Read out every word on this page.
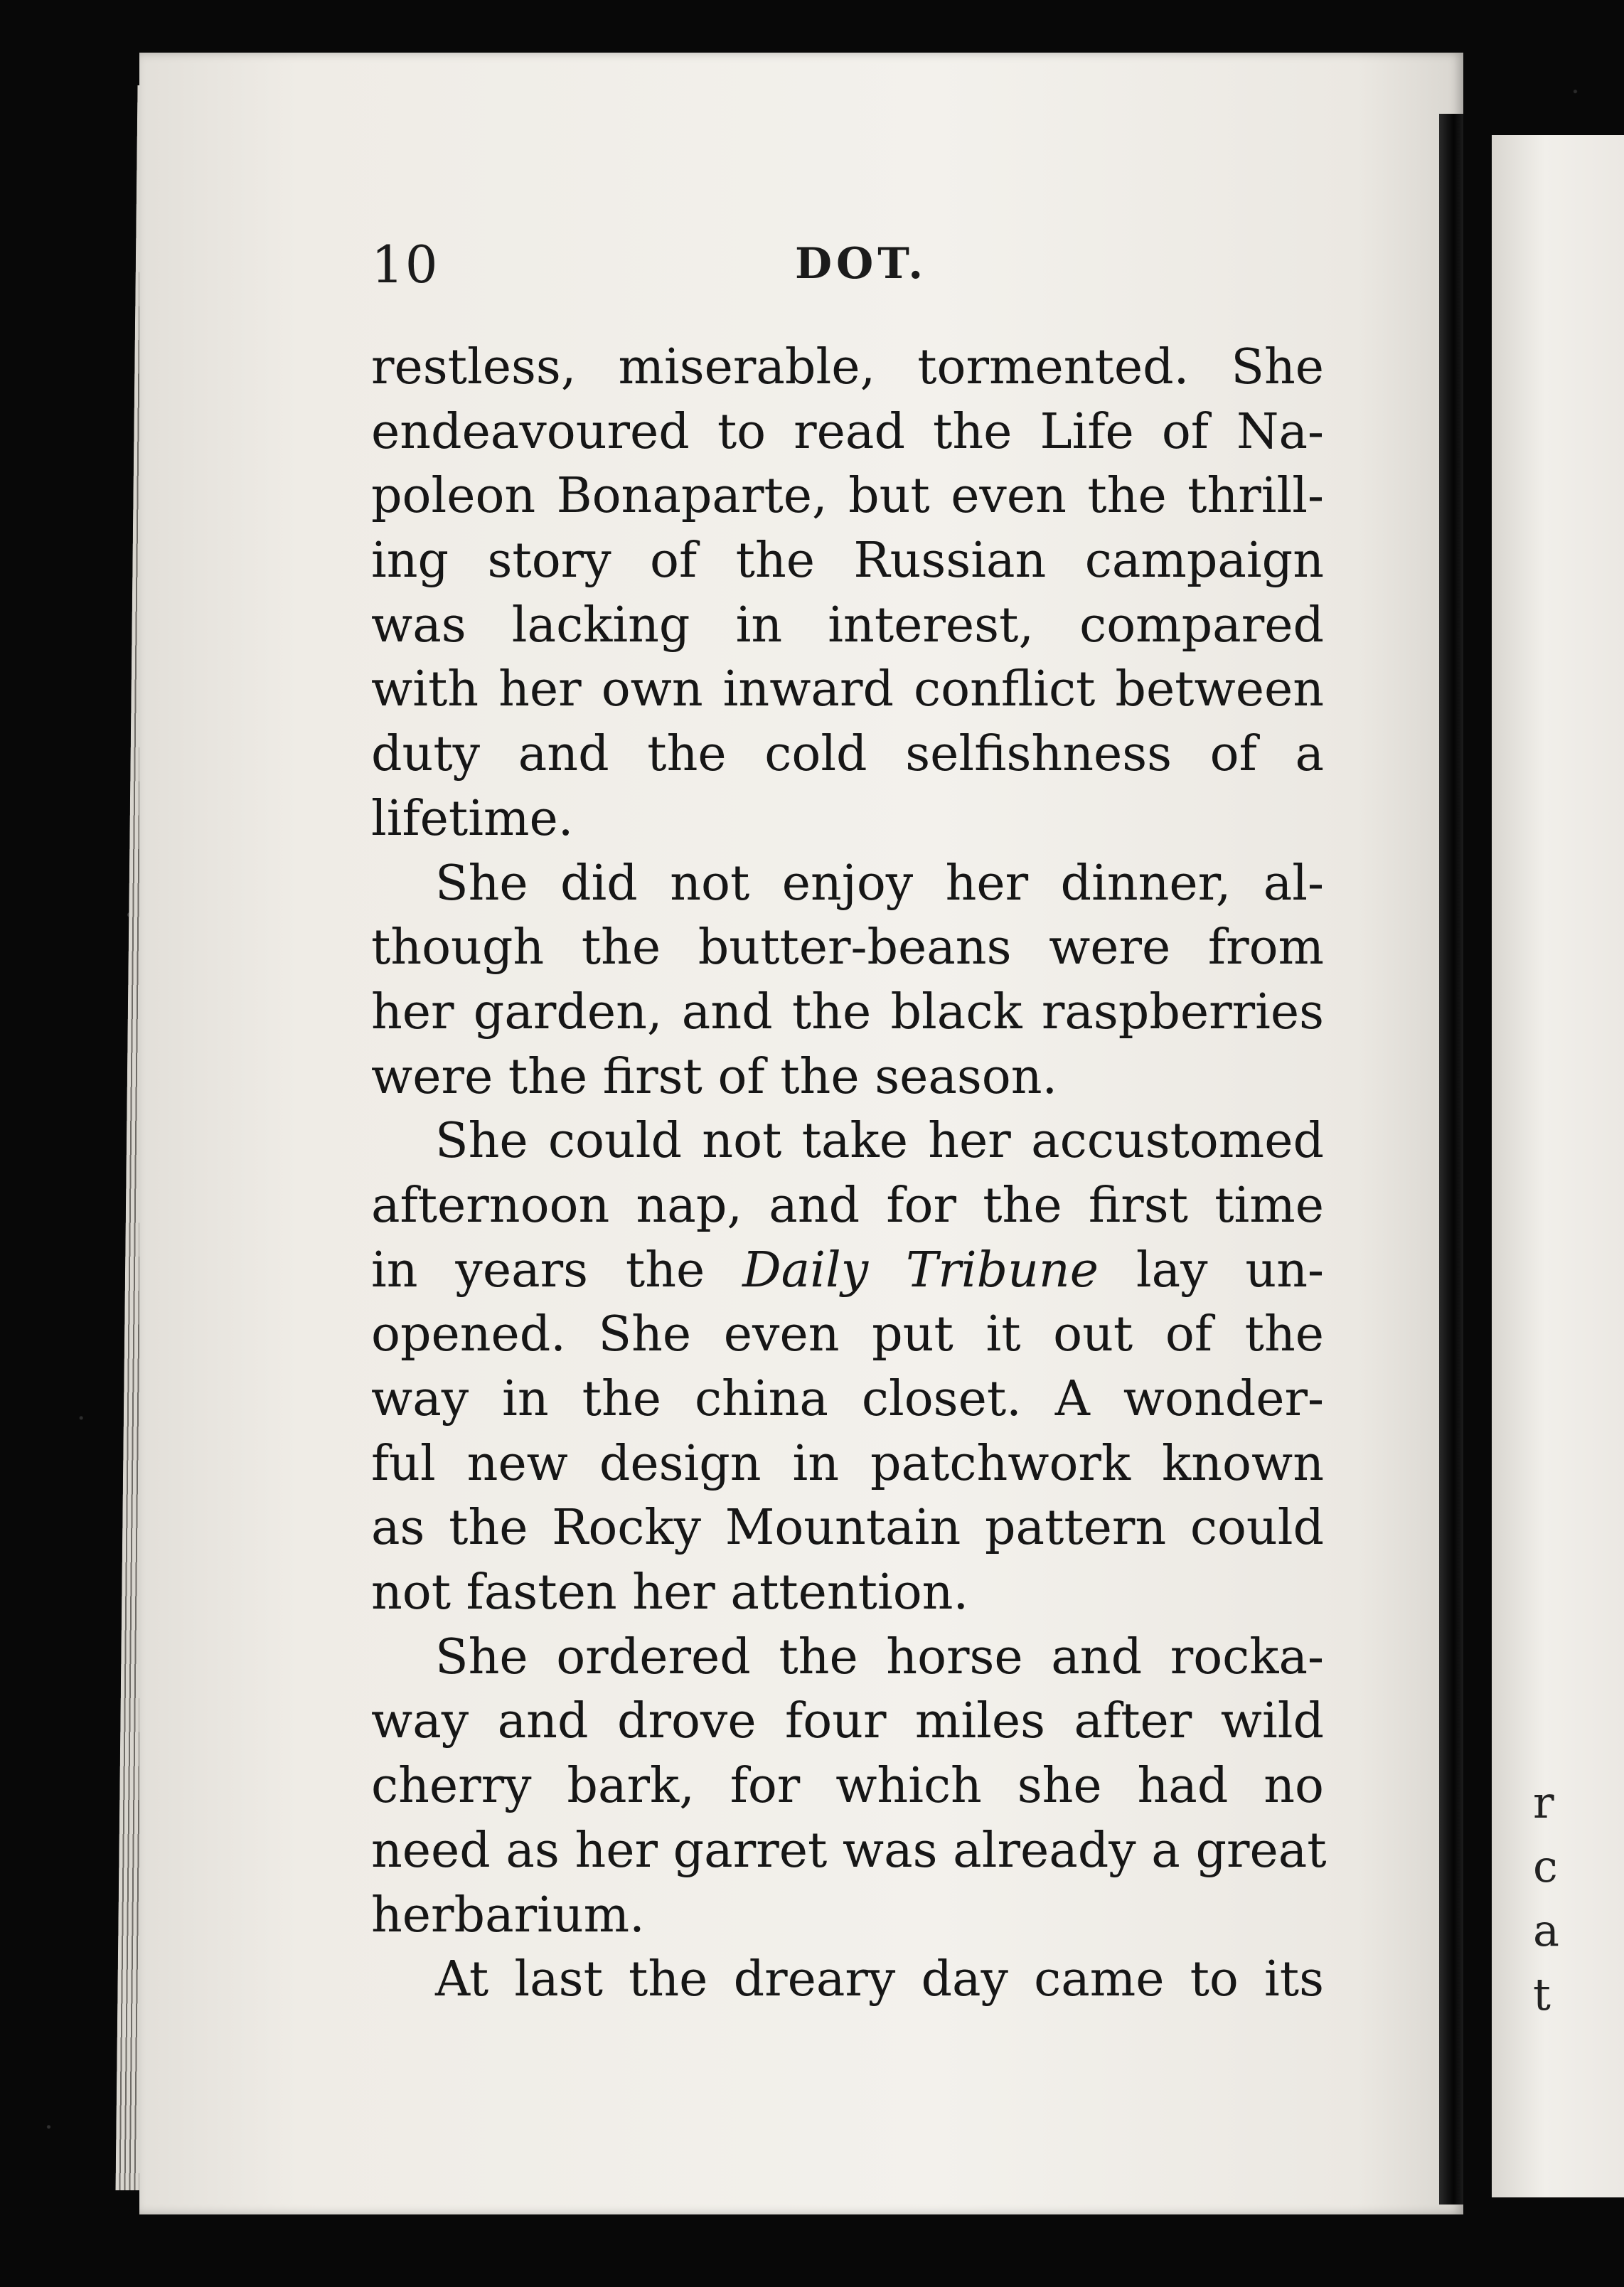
r
c
a
t
10	DOT.
restless, miserable, tormented. She
endeavoured to read the Life of Na-
poleon Bonaparte, but even the thrill-
ing story of the Russian campaign
was lacking in interest, compared
with her own inward conflict between
duty and the cold selfishness of a
lifetime.
She did not enjoy her dinner, al-
though the butter-beans were from
her garden, and the black raspberries
were the first of the season.
She could not take her accustomed
afternoon nap, and for the first time
in years the Daily Tribune lay un-
opened. She even put it out of the
way in the china closet. A wonder-
ful new design in patchwork known
as the Rocky Mountain pattern could
not fasten her attention.
She ordered the horse and rocka-
way and drove four miles after wild
cherry bark, for which she had no
need as her garret was already a great
herbarium.
At last the dreary day came to its
